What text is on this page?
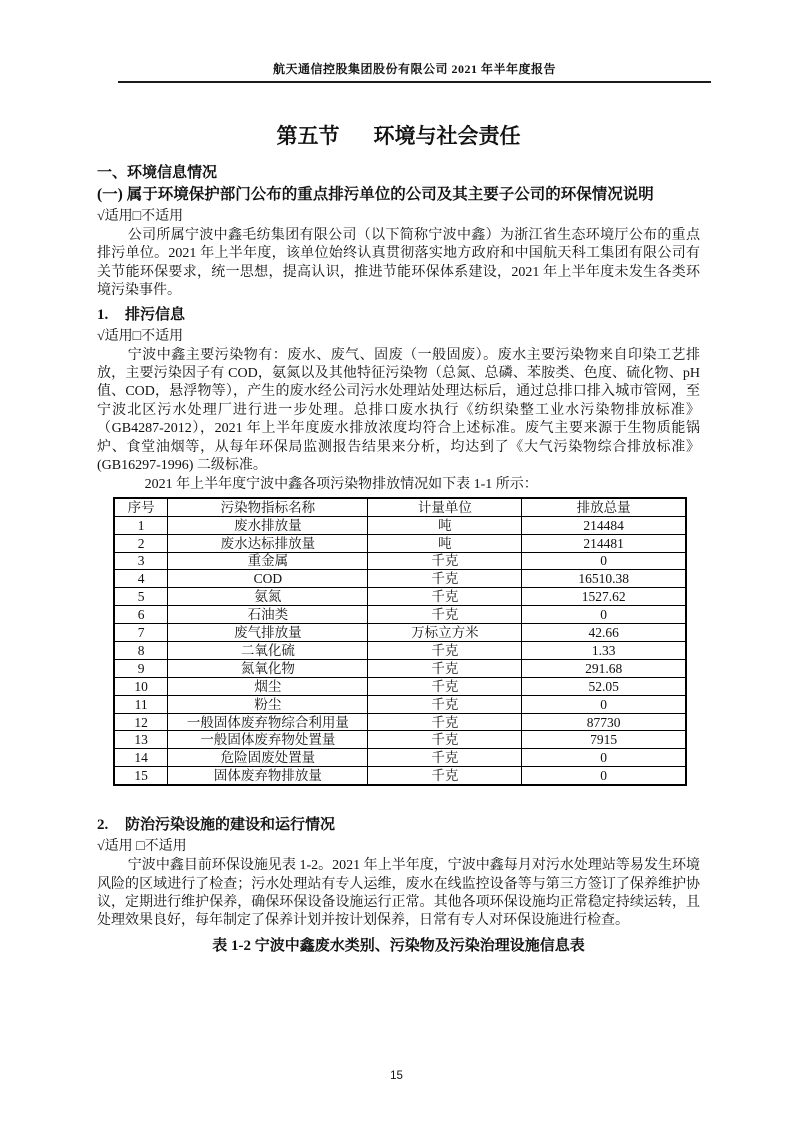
航天通信控股集团股份有限公司 2021 年半年度报告
第五节 环境与社会责任
一、环境信息情况
(一) 属于环境保护部门公布的重点排污单位的公司及其主要子公司的环保情况说明
√适用□不适用

公司所属宁波中鑫毛纺集团有限公司（以下简称宁波中鑫）为浙江省生态环境厅公布的重点排污单位。2021 年上半年度，该单位始终认真贯彻落实地方政府和中国航天科工集团有限公司有关节能环保要求，统一思想，提高认识，推进节能环保体系建设，2021 年上半年度未发生各类环境污染事件。

1. 排污信息
√适用□不适用

宁波中鑫主要污染物有：废水、废气、固废（一般固废）。废水主要污染物来自印染工艺排放，主要污染因子有 COD，氨氮以及其他特征污染物（总氮、总磷、苯胺类、色度、硫化物、pH 值、COD，悬浮物等），产生的废水经公司污水处理站处理达标后，通过总排口排入城市管网，至宁波北区污水处理厂进行进一步处理。总排口废水执行《纺织染整工业水污染物排放标准》（GB4287-2012），2021 年上半年度废水排放浓度均符合上述标准。废气主要来源于生物质能锅炉、食堂油烟等，从每年环保局监测报告结果来分析，均达到了《大气污染物综合排放标准》(GB16297-1996) 二级标准。

2021 年上半年度宁波中鑫各项污染物排放情况如下表 1-1 所示：
序号	污染物指标名称	计量单位	排放总量
1	废水排放量	吨	214484
2	废水达标排放量	吨	214481
3	重金属	千克	0
4	COD	千克	16510.38
5	氨氮	千克	1527.62
6	石油类	千克	0
7	废气排放量	万标立方米	42.66
8	二氧化硫	千克	1.33
9	氮氧化物	千克	291.68
10	烟尘	千克	52.05
11	粉尘	千克	0
12	一般固体废弃物综合利用量	千克	87730
13	一般固体废弃物处置量	千克	7915
14	危险固废处置量	千克	0
15	固体废弃物排放量	千克	0
2. 防治污染设施的建设和运行情况
√适用 □不适用

宁波中鑫目前环保设施见表 1-2。2021 年上半年度，宁波中鑫每月对污水处理站等易发生环境风险的区域进行了检查；污水处理站有专人运维，废水在线监控设备等与第三方签订了保养维护协议，定期进行维护保养，确保环保设备设施运行正常。其他各项环保设施均正常稳定持续运转，且处理效果良好，每年制定了保养计划并按计划保养，日常有专人对环保设施进行检查。

表 1-2 宁波中鑫废水类别、污染物及污染治理设施信息表
15
